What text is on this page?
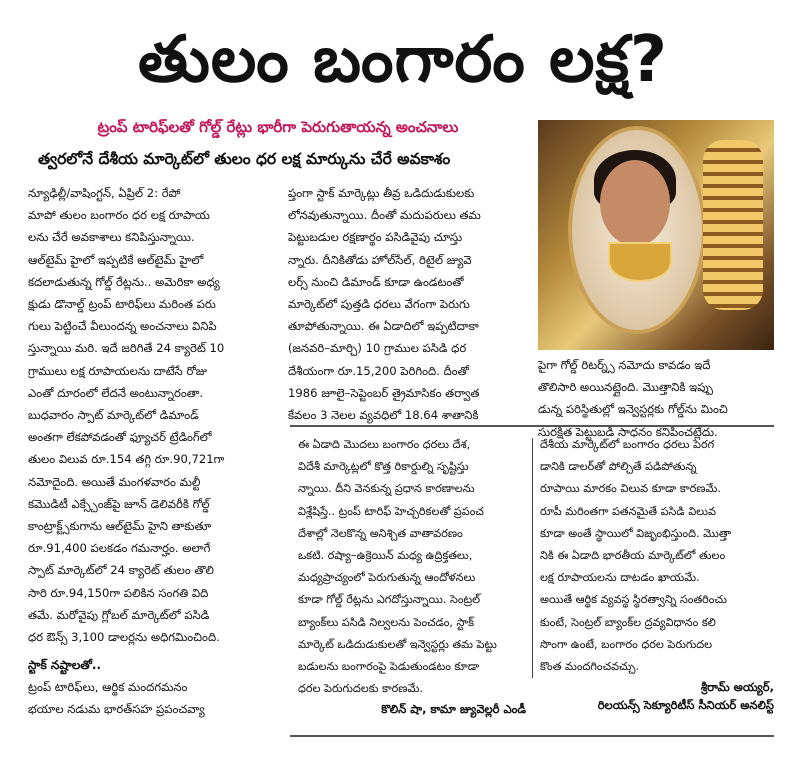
తులం బంగారం లక్ష?
ట్రంప్ టారిఫ్‌లతో గోల్డ్ రేట్లు భారీగా పెరుగుతాయన్న అంచనాలు
త్వరలోనే దేశీయ మార్కెట్‌లో తులం ధర లక్ష మార్కును చేరే అవకాశం
న్యూఢిల్లీ/వాషింగ్టన్, ఏప్రిల్ 2: రేపో
మాపో తులం బంగారం ధర లక్ష రూపాయ
లను చేరే అవకాశాలు కనిపిస్తున్నాయి.
ఆల్‌టైమ్ హైలో ఇప్పటికే ఆల్‌టైమ్ హైలో
కదలాడుతున్న గోల్డ్ రేట్లను.. అమెరికా అధ్య
క్షుడు డొనాల్డ్ ట్రంప్ టారిఫ్‌లు మరింత పరు
గులు పెట్టించే వీలుందన్న అంచనాలు వినిపి
స్తున్నాయి మరి. ఇదే జరిగితే 24 క్యారెట్ 10
గ్రాములు లక్ష రూపాయలను దాటేసే రోజు
ఎంతో దూరంలో లేదనే అంటున్నారంతా.
బుధవారం స్పాట్ మార్కెట్‌లో డిమాండ్
అంతగా లేకపోవడంతో ఫ్యూచర్ ట్రేడింగ్‌లో
తులం విలువ రూ.154 తగ్గి రూ.90,721గా
నమోదైంది. అయితే మంగళవారం మల్టీ
కమొడిటీ ఎక్స్చేంజ్‌పై జూన్ డెలివరీకి గోల్డ్
కాంట్రాక్ట్స్‌కుగాను ఆల్‌టైమ్ హైని తాకుతూ
రూ.91,400 పలకడం గమనార్హం. అలాగే
స్పాట్ మార్కెట్‌లో 24 క్యారెట్ తులం తొలి
సారి రూ.94,150గా పలికిన సంగతి విది
తమే. మరోవైపు గ్లోబల్ మార్కెట్‌లో పసిడి
ధర ఔన్స్ 3,100 డాలర్లను అధిగమించింది.
స్టాక్ నష్టాలతో..
ట్రంప్ టారిఫ్‌లు, ఆర్థిక మందగమనం
భయాల నడుమ భారత్‌సహ ప్రపంచవ్యా
ప్తంగా స్టాక్ మార్కెట్లు తీవ్ర ఒడిదుడుకులకు
లోనవుతున్నాయి. దీంతో మదుపరులు తమ
పెట్టుబడుల రక్షణార్థం పసిడివైపు చూస్తు
న్నారు. దీనికితోడు హోల్‌సేల్, రిటైల్ జ్యువె
లర్స్ నుంచి డిమాండ్ కూడా ఉండటంతో
మార్కెట్‌లో పుత్తడి ధరలు వేగంగా పెరుగు
తూపోతున్నాయి. ఈ ఏడాదిలో ఇప్పటిదాకా
(జనవరి–మార్చి) 10 గ్రాముల పసిడి ధర
దేశీయంగా రూ.15,200 పెరిగింది. దీంతో
1986 జూలై–సెప్టెంబర్ త్రైమాసికం తర్వాత
కేవలం 3 నెలల వ్యవధిలో 18.64 శాతానికి
పైగా గోల్డ్ రిటర్న్స్ నమోదు కావడం ఇదే
తొలిసారి అయినట్లైంది. మొత్తానికి ఇప్పు
డున్న పరిస్థితుల్లో ఇన్వెస్టర్లకు గోల్డ్‌ను మించి
సురక్షిత పెట్టుబడి సాధనం కనిపించట్లేదు.
ఈ ఏడాది మొదలు బంగారం ధరలు దేశ,
విదేశీ మార్కెట్లలో కొత్త రికార్డుల్ని సృష్టిస్తు
న్నాయి. దీని వెనకున్న ప్రధాన కారణాలను
విశ్లేషిస్తే.. ట్రంప్ టారిఫ్ హెచ్చరికలతో ప్రపంచ
దేశాల్లో నెలకొన్న అనిశ్చిత వాతావరణం
ఒకటి. రష్యా–ఉక్రెయిన్ మధ్య ఉద్రిక్తతలు,
మధ్యప్రాచ్యంలో పెరుగుతున్న ఆందోళనలు
కూడా గోల్డ్ రేట్లను ఎగదోస్తున్నాయి. సెంట్రల్
బ్యాంక్‌లు పసిడి నిల్వలను పెంచడం, స్టాక్
మార్కెట్ ఒడిదుడుకులతో ఇన్వెస్టర్లు తమ పెట్టు
బడులను బంగారంపై పెడుతుండటం కూడా
ధరల పెరుగుదలకు కారణమే.
కొలిన్ షా, కామా జ్యువెల్లరీ ఎండీ
దేశీయ మార్కెట్‌లో బంగారం ధరలు పెరగ
డానికి డాలర్‌తో పోల్చితే పడిపోతున్న
రూపాయి మారకం విలువ కూడా కారణమే.
రూపీ మరింతగా పతనమైతే పసిడి విలువ
కూడా అంతే స్థాయిలో విజృంభిస్తుంది. మొత్తా
నికి ఈ ఏడాది భారతీయ మార్కెట్‌లో తులం
లక్ష రూపాయలను దాటడం ఖాయమే.
అయితే ఆర్థిక వ్యవస్థ స్థిరత్వాన్ని సంతరించు
కుంటే, సెంట్రల్ బ్యాంక్‌ల ద్రవ్యవిధానం కలి
సొంగా ఉంటే, బంగారం ధరల పెరుగుదల
కొంత మందగించవచ్చు.
శ్రీరామ్ అయ్యర్,
రిలయన్స్ సెక్యూరిటీస్ సీనియర్ అనలిస్ట్
